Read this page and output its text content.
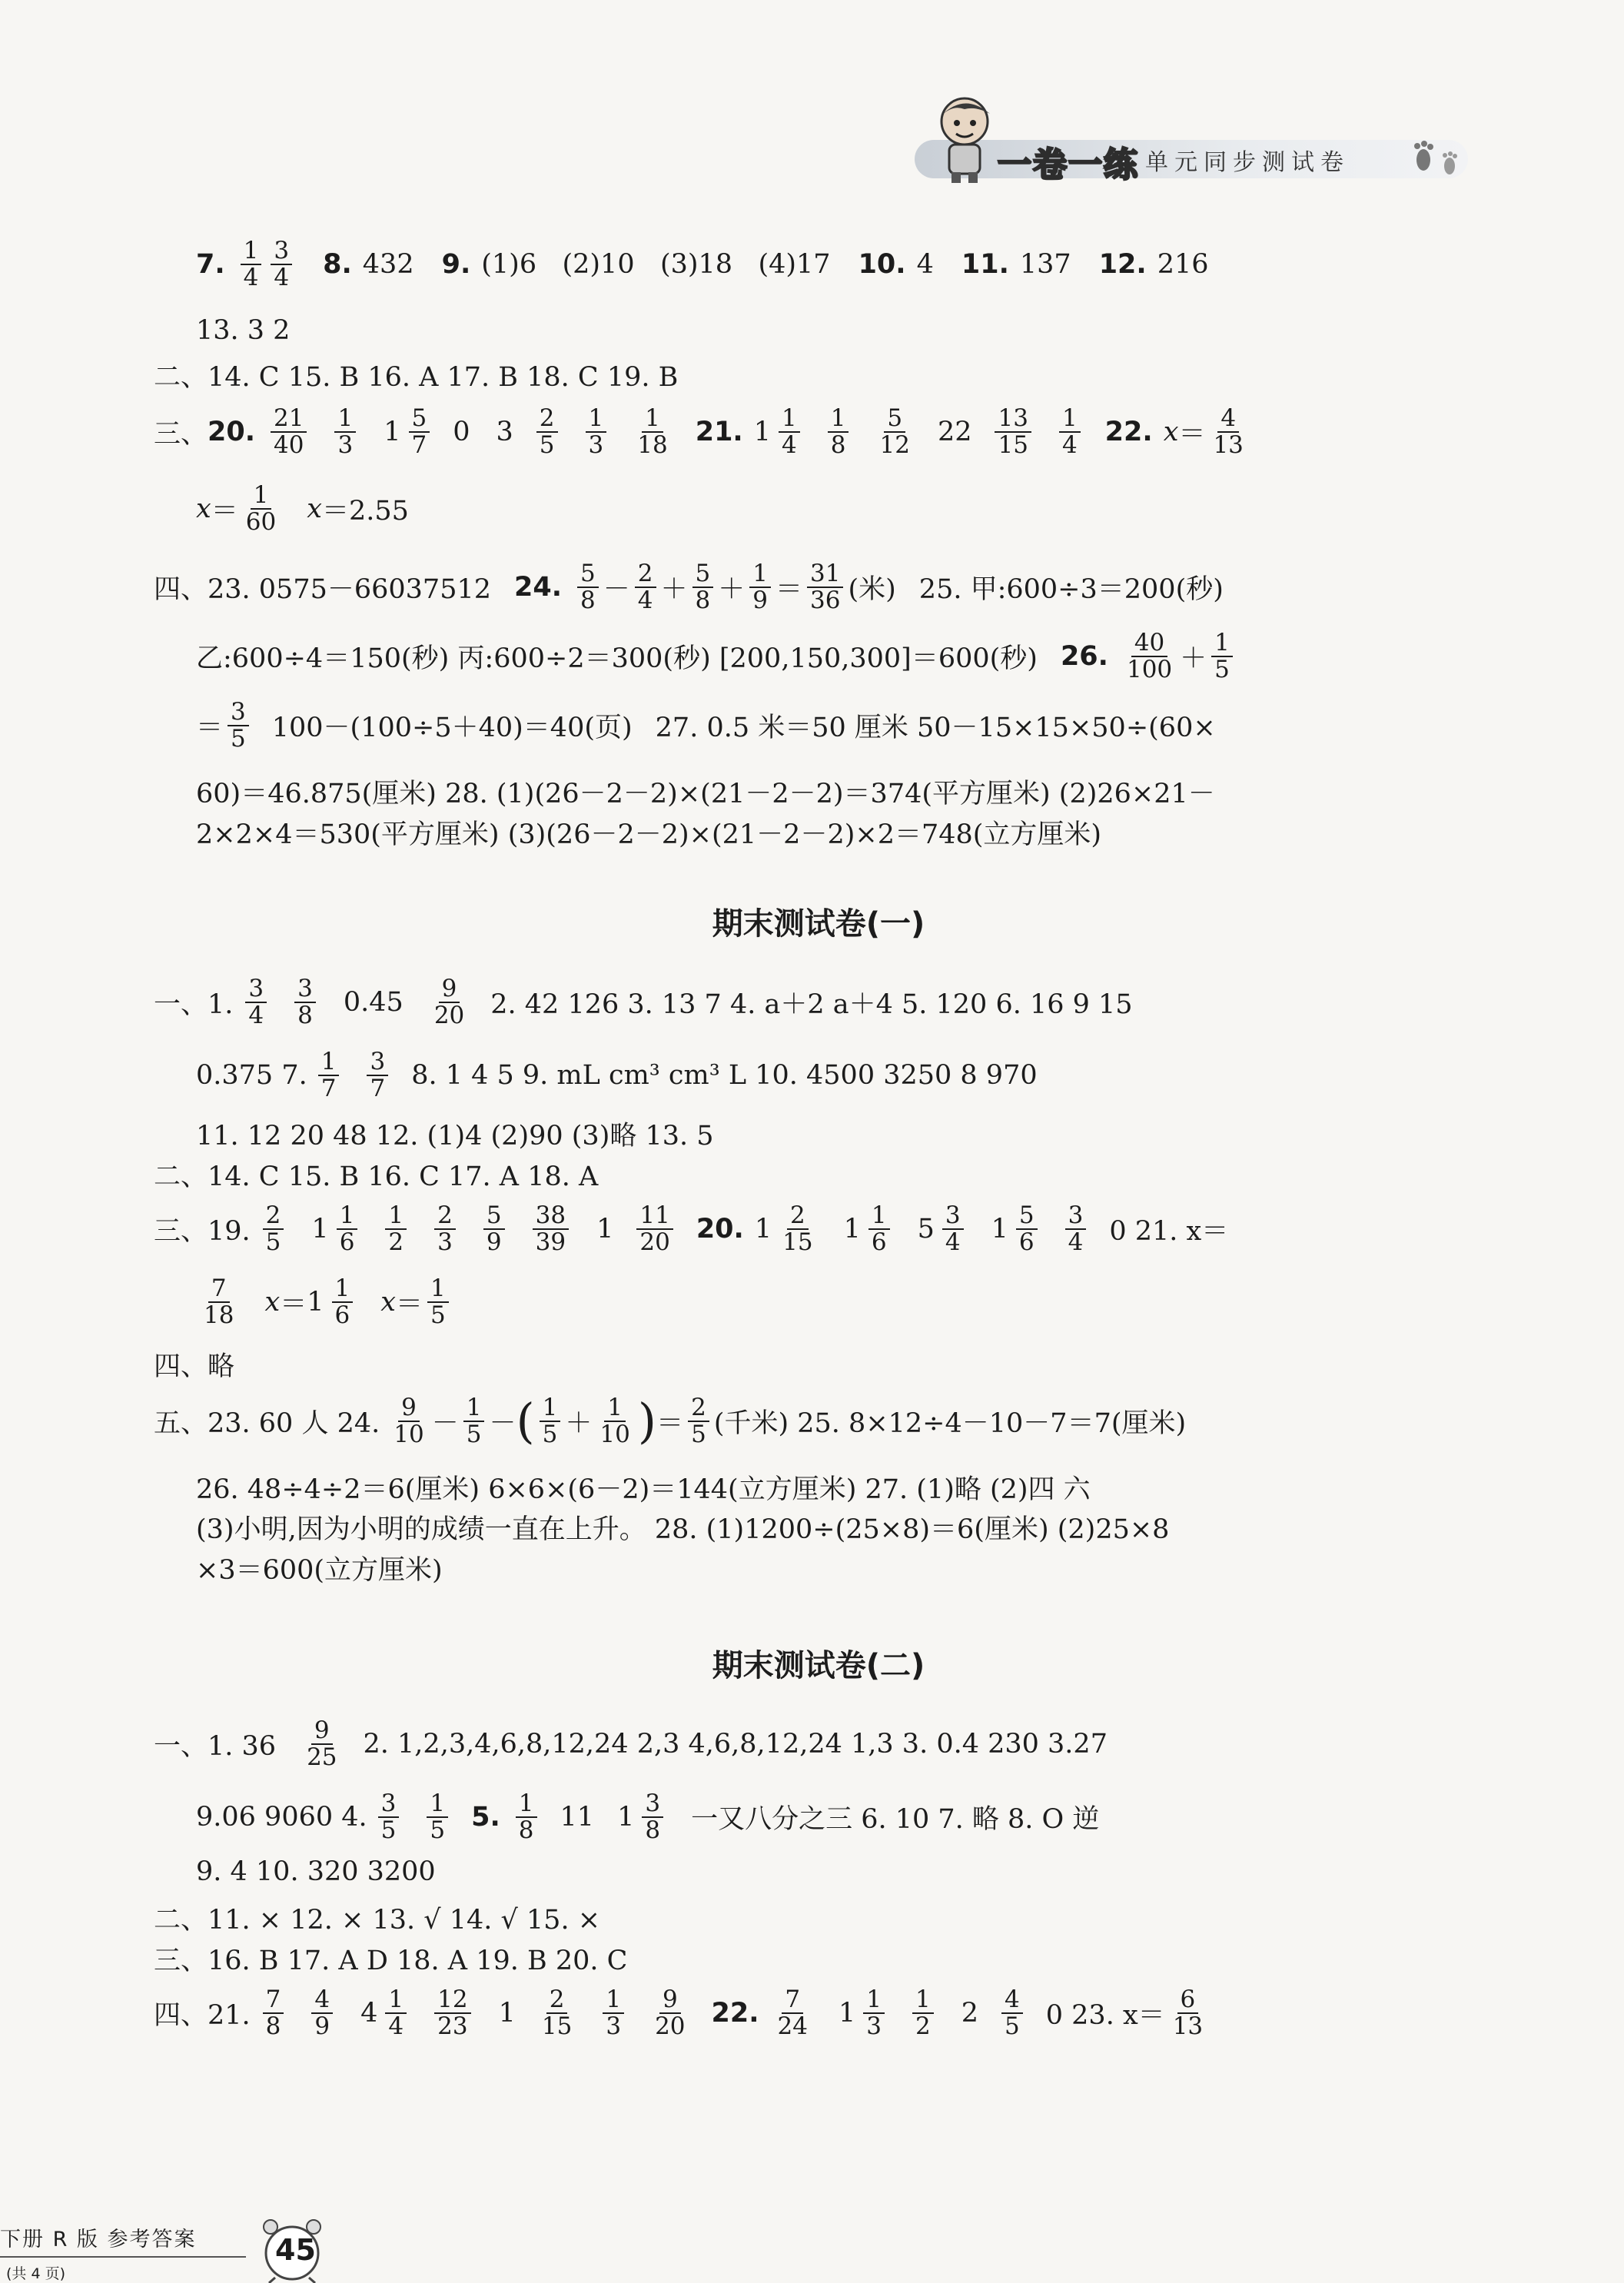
一卷一练 单元同步测试卷
7. $\frac{1}{4} \frac{3}{4} 8$. 432 9. (1)6   (2)10   (3)18   (4)17 10. 4 11. 137 12. 216
13. 3 2
二、14. C 15. B 16. A 17. B 18. C 19. B
三、 20. $\frac{21}{40} \frac{1}{3} 1 \frac{5}{7} 0$ $3 \frac{2}{5} \frac{1}{3} \frac{1}{18} 21$. $1 \frac{1}{4} \frac{1}{8} \frac{5}{12} 22 \frac{13}{15} \frac{1}{4} 22$. $x = \frac{4}{13}$
$x = \frac{1}{60}$ x ＝2.55
四、23. 0575－66037512 24. $\frac{5}{8} - \frac{2}{4} + \frac{5}{8} + \frac{1}{9} = \frac{31}{36}$ (米) 25. 甲:600÷3＝200(秒)
乙:600÷4＝150(秒) 丙:600÷2＝300(秒) [200,150,300]＝600(秒) 26. $\frac{40}{100} + \frac{1}{5}$
＝ $\frac{3}{5} 100-(100\div 5+40)=40$(页) 27. 0.5 米＝50 厘米 50－15×15×50÷(60×
60)＝46.875(厘米) 28. (1)(26－2－2)×(21－2－2)＝374(平方厘米) (2)26×21－
2×2×4＝530(平方厘米) (3)(26－2－2)×(21－2－2)×2＝748(立方厘米)
期末测试卷(一)
一、1. $\frac{3}{4} \frac{3}{8} 0.45 \frac{9}{20} 2$. 42 126 3. 13 7 4. a＋2 a＋4 5. 120 6. 16 9 15
0.375 7. $\frac{1}{7} \frac{3}{7} 8$. 1 4 5 9. mL cm³ cm³ L 10. 4500 3250 8 970
11. 12 20 48 12. (1)4 (2)90 (3)略 13. 5
二、14. C 15. B 16. C 17. A 18. A
三、19. $\frac{2}{5} 1 \frac{1}{6} \frac{1}{2} \frac{2}{3} \frac{5}{9} \frac{38}{39} 1 \frac{11}{20} 20$. $1 \frac{2}{15} 1 \frac{1}{6} 5 \frac{3}{4} 1 \frac{5}{6} \frac{3}{4} 0$ 21. x＝
$\frac{7}{18}$ $x = 1 \frac{1}{6}$ $x = \frac{1}{5}$
四、略
五、23. 60 人 24. $\frac{9}{10} - \frac{1}{5}$ － ( $\frac{1}{5} + \frac{1}{10}$ ) ＝ $\frac{2}{5}$ (千米) 25. 8×12÷4－10－7＝7(厘米)
26. 48÷4÷2＝6(厘米) 6×6×(6－2)＝144(立方厘米) 27. (1)略 (2)四 六
(3)小明,因为小明的成绩一直在上升。 28. (1)1200÷(25×8)＝6(厘米) (2)25×8
×3＝600(立方厘米)
期末测试卷(二)
一、1. $36 \frac{9}{25} 2$. 1,2,3,4,6,8,12,24 2,3 4,6,8,12,24 1,3 3. 0.4 230 3.27
9.06 9060 4. $\frac{3}{5} \frac{1}{5} 5$. $\frac{1}{8} 11$ $1 \frac{3}{8}$ 一又八分之三 6. 10 7. 略 8. O 逆
9. 4 10. 320 3200
二、11. × 12. × 13. √ 14. √ 15. ×
三、16. B 17. A D 18. A 19. B 20. C
四、21. $\frac{7}{8} \frac{4}{9} 4 \frac{1}{4} \frac{12}{23} 1 \frac{2}{15} \frac{1}{3} \frac{9}{20} 22$. $\frac{7}{24} 1 \frac{1}{3} \frac{1}{2} 2 \frac{4}{5} 0$ 23. $x= \frac{6}{13}$
下册 R 版 参考答案
(共 4 页)
45
